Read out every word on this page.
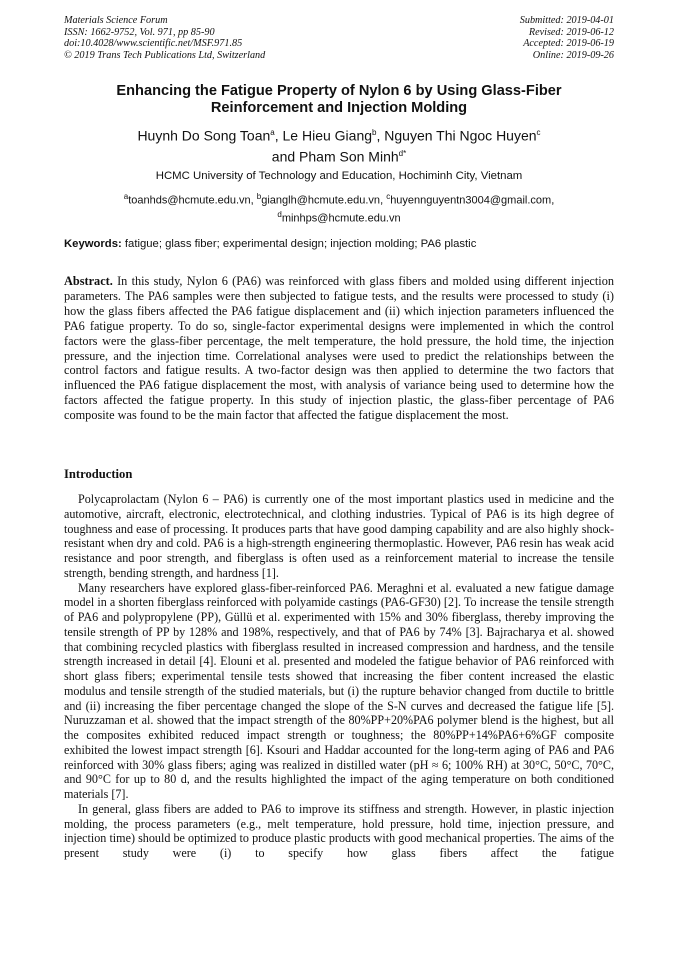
Materials Science Forum
ISSN: 1662-9752, Vol. 971, pp 85-90
doi:10.4028/www.scientific.net/MSF.971.85
© 2019 Trans Tech Publications Ltd, Switzerland
Submitted: 2019-04-01
Revised: 2019-06-12
Accepted: 2019-06-19
Online: 2019-09-26
Enhancing the Fatigue Property of Nylon 6 by Using Glass-Fiber
Reinforcement and Injection Molding
Huynh Do Song Toan$^a$, Le Hieu Giang$^b$, Nguyen Thi Ngoc Huyen$^c$
and Pham Son Minh$^{d*}$
HCMC University of Technology and Education, Hochiminh City, Vietnam
$^a$toanhds@hcmute.edu.vn, $^b$gianglh@hcmute.edu.vn, $^c$huyennguyentn3004@gmail.com,
$^d$minhps@hcmute.edu.vn
Keywords: fatigue; glass fiber; experimental design; injection molding; PA6 plastic
Abstract. In this study, Nylon 6 (PA6) was reinforced with glass fibers and molded using different injection parameters. The PA6 samples were then subjected to fatigue tests, and the results were processed to study (i) how the glass fibers affected the PA6 fatigue displacement and (ii) which injection parameters influenced the PA6 fatigue property. To do so, single-factor experimental designs were implemented in which the control factors were the glass-fiber percentage, the melt temperature, the hold pressure, the hold time, the injection pressure, and the injection time. Correlational analyses were used to predict the relationships between the control factors and fatigue results. A two-factor design was then applied to determine the two factors that influenced the PA6 fatigue displacement the most, with analysis of variance being used to determine how the factors affected the fatigue property. In this study of injection plastic, the glass-fiber percentage of PA6 composite was found to be the main factor that affected the fatigue displacement the most.
Introduction

Polycaprolactam (Nylon 6 – PA6) is currently one of the most important plastics used in medicine and the automotive, aircraft, electronic, electrotechnical, and clothing industries. Typical of PA6 is its high degree of toughness and ease of processing. It produces parts that have good damping capability and are also highly shock-resistant when dry and cold. PA6 is a high-strength engineering thermoplastic. However, PA6 resin has weak acid resistance and poor strength, and fiberglass is often used as a reinforcement material to increase the tensile strength, bending strength, and hardness [1].

Many researchers have explored glass-fiber-reinforced PA6. Meraghni et al. evaluated a new fatigue damage model in a shorten fiberglass reinforced with polyamide castings (PA6-GF30) [2]. To increase the tensile strength of PA6 and polypropylene (PP), Güllü et al. experimented with 15% and 30% fiberglass, thereby improving the tensile strength of PP by 128% and 198%, respectively, and that of PA6 by 74% [3]. Bajracharya et al. showed that combining recycled plastics with fiberglass resulted in increased compression and hardness, and the tensile strength increased in detail [4]. Elouni et al. presented and modeled the fatigue behavior of PA6 reinforced with short glass fibers; experimental tensile tests showed that increasing the fiber content increased the elastic modulus and tensile strength of the studied materials, but (i) the rupture behavior changed from ductile to brittle and (ii) increasing the fiber percentage changed the slope of the S-N curves and decreased the fatigue life [5]. Nuruzzaman et al. showed that the impact strength of the 80%PP+20%PA6 polymer blend is the highest, but all the composites exhibited reduced impact strength or toughness; the 80%PP+14%PA6+6%GF composite exhibited the lowest impact strength [6]. Ksouri and Haddar accounted for the long-term aging of PA6 and PA6 reinforced with 30% glass fibers; aging was realized in distilled water (pH ≈ 6; 100% RH) at 30°C, 50°C, 70°C, and 90°C for up to 80 d, and the results highlighted the impact of the aging temperature on both conditioned materials [7].

In general, glass fibers are added to PA6 to improve its stiffness and strength. However, in plastic injection molding, the process parameters (e.g., melt temperature, hold pressure, hold time, injection pressure, and injection time) should be optimized to produce plastic products with good mechanical properties. The aims of the present study were (i) to specify how glass fibers affect the fatigue
